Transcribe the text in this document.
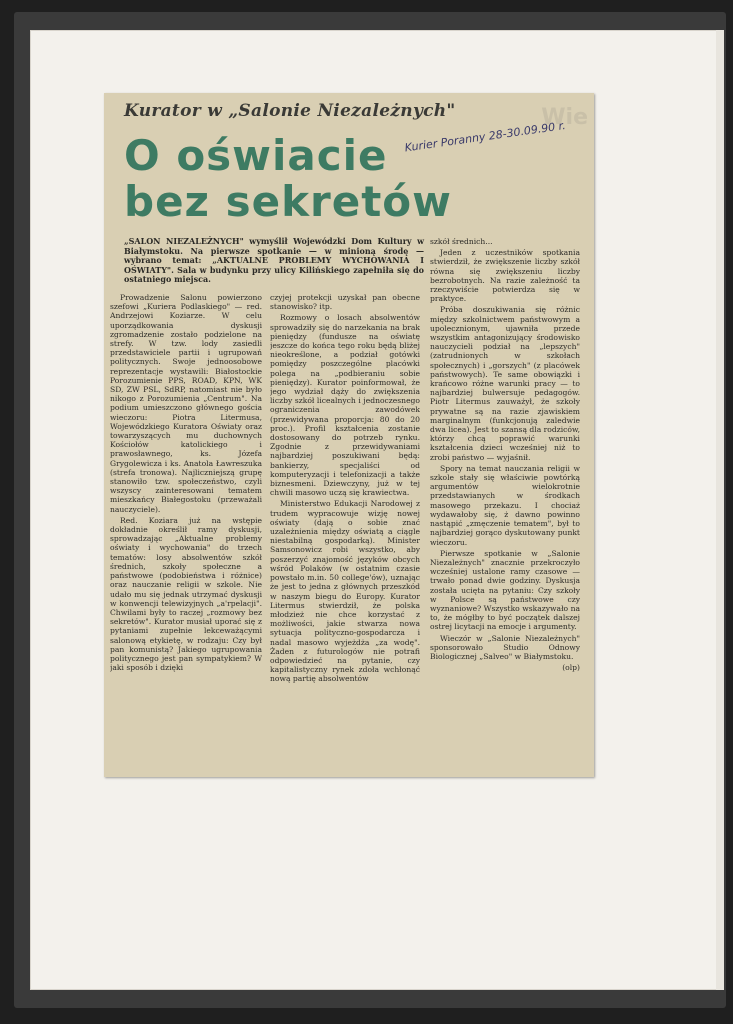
Wie
Kurator w „Salonie Niezależnych"
O oświacie
bez sekretów
Kurier Poranny 28-30.09.90 r.
„SALON NIEZALEŻNYCH" wymyślił Wojewódzki Dom Kultury w Białymstoku. Na pierwsze spotkanie — w minioną środę — wybrano temat: „AKTUALNE PROBLEMY WYCHOWANIA I OŚWIATY". Sala w budynku przy ulicy Kilińskiego zapełniła się do ostatniego miejsca.

Prowadzenie Salonu powierzono szefowi „Kuriera Podlaskiego" — red. Andrzejowi Koziarze. W celu uporządkowania dyskusji zgromadzenie zostało podzielone na strefy. W tzw. lody zasiedli przedstawiciele partii i ugrupowań politycznych. Swoje jednoosobowe reprezentacje wystawili: Białostockie Porozumienie PPS, ROAD, KPN, WK SD, ZW PSL, SdRP, natomiast nie było nikogo z Porozumienia „Centrum". Na podium umieszczono głównego gościa wieczoru: Piotra Litermusa, Wojewódzkiego Kuratora Oświaty oraz towarzyszących mu duchownych Kościołów katolickiego i prawosławnego, ks. Józefa Grygolewicza i ks. Anatola Ławreszuka (strefa tronowa). Najliczniejszą grupę stanowiło tzw. społeczeństwo, czyli wszyscy zainteresowani tematem mieszkańcy Białegostoku (przeważali nauczyciele).

Red. Koziara już na wstępie dokładnie określił ramy dyskusji, sprowadzając „Aktualne problemy oświaty i wychowania" do trzech tematów: losy absolwentów szkół średnich, szkoły społeczne a państwowe (podobieństwa i różnice) oraz nauczanie religii w szkole. Nie udało mu się jednak utrzymać dyskusji w konwencji telewizyjnych „a'rpelacji". Chwilami były to raczej „rozmowy bez sekretów". Kurator musiał uporać się z pytaniami zupełnie lekceważącymi salonową etykietę, w rodzaju: Czy był pan komunistą? Jakiego ugrupowania politycznego jest pan sympatykiem? W jaki sposób i dzięki

czyjej protekcji uzyskał pan obecne stanowisko? itp.

Rozmowy o losach absolwentów sprowadziły się do narzekania na brak pieniędzy (fundusze na oświatę jeszcze do końca tego roku będą bliżej nieokreślone, a podział gotówki pomiędzy poszczególne placówki polega na „podbieraniu sobie pieniędzy). Kurator poinformował, że jego wydział dąży do zwiększenia liczby szkół licealnych i jednoczesnego ograniczenia zawodówek (przewidywana proporcja: 80 do 20 proc.). Profil kształcenia zostanie dostosowany do potrzeb rynku. Zgodnie z przewidywaniami najbardziej poszukiwani będą: bankierzy, specjaliści od komputeryzacji i telefonizacji a także biznesmeni. Dziewczyny, już w tej chwili masowo uczą się krawiectwa.

Ministerstwo Edukacji Narodowej z trudem wypracowuje wizję nowej oświaty (dają o sobie znać uzależnienia między oświatą a ciągle niestabilną gospodarką). Minister Samsonowicz robi wszystko, aby poszerzyć znajomość języków obcych wśród Polaków (w ostatnim czasie powstało m.in. 50 college'ów), uznając że jest to jedna z głównych przeszkód w naszym biegu do Europy. Kurator Litermus stwierdził, że polska młodzież nie chce korzystać z możliwości, jakie stwarza nowa sytuacja polityczno-gospodarcza i nadal masowo wyjeżdża „za wodę". Żaden z futurologów nie potrafi odpowiedzieć na pytanie, czy kapitalistyczny rynek zdoła wchłonąć nową partię absolwentów

szkół średnich...

Jeden z uczestników spotkania stwierdził, że zwiększenie liczby szkół równa się zwiększeniu liczby bezrobotnych. Na razie zależność ta rzeczywiście potwierdza się w praktyce.

Próba doszukiwania się różnic między szkolnictwem państwowym a upolecznionym, ujawniła przede wszystkim antagonizujący środowisko nauczycieli podział na „lepszych" (zatrudnionych w szkołach społecznych) i „gorszych" (z placówek państwowych). Te same obowiązki i krańcowo różne warunki pracy — to najbardziej bulwersuje pedagogów. Piotr Litermus zauważył, że szkoły prywatne są na razie zjawiskiem marginalnym (funkcjonują zaledwie dwa licea). Jest to szansą dla rodziców, którzy chcą poprawić warunki kształcenia dzieci wcześniej niż to zrobi państwo — wyjaśnił.

Spory na temat nauczania religii w szkole stały się właściwie powtórką argumentów wielokrotnie przedstawianych w środkach masowego przekazu. I chociaż wydawałoby się, ż dawno powinno nastąpić „zmęczenie tematem", był to najbardziej gorąco dyskutowany punkt wieczoru.

Pierwsze spotkanie w „Salonie Niezależnych" znacznie przekroczyło wcześniej ustalone ramy czasowe — trwało ponad dwie godziny. Dyskusja została ucięta na pytaniu: Czy szkoły w Polsce są państwowe czy wyznaniowe? Wszystko wskazywało na to, że mógłby to być początek dalszej ostrej licytacji na emocje i argumenty.

Wieczór w „Salonie Niezależnych" sponsorowało Studio Odnowy Biologicznej „Salveo" w Białymstoku.

(olp)
